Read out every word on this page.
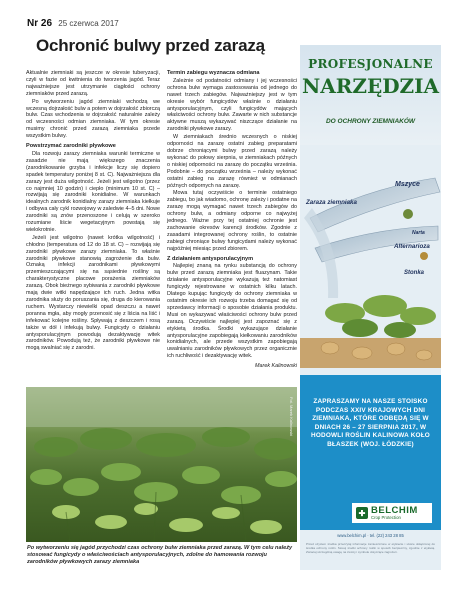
Nr 26 25 czerwca 2017
Ochronić bulwy przed zarazą

Aktualnie ziemniaki są jeszcze w okresie tuberyzacji, czyli w fazie od kwitnienia do tworzenia jagód. Teraz najważniejsze jest utrzymanie ciągłości ochrony ziemniaków przed zarazą.

Po wytworzeniu jagód ziemniaki wchodzą we wczesną dojrzałość bulw a potem w dojrzałość zbiorczą bulw. Czas wchodzenia w dojrzałość naturalnie zależy od wczesności odmian ziemniaka. W tym okresie musimy chronić przed zarazą ziemniaka przede wszystkim bulwy.

Powstrzymać zarodniki pływkowe

Dla rozwoju zarazy ziemniaka warunki termiczne w zasadzie nie mają większego znaczenia (zarodnikowanie grzyba i infekcje liczy się dopiero spadek temperatury poniżej 8 st. C). Najważniejsza dla zarazy jest duża wilgotność. Jeżeli jest wilgotno (przez co najmniej 10 godzin) i ciepło (minimum 10 st. C) – rozwijają się zarodniki konidialne. W warunkach idealnych zarodnik konidialny zarazy ziemniaka kiełkuje i odbywa cały cykl rozwojowy w zaledwie 4–5 dni. Nowe zarodniki są znów przenoszone i celują w szeroko rozumiane liście wegetacyjnym powstają się wielokrotnie.

Jeżeli jest wilgotno (nawet krótka wilgotność) i chłodno (temperatura od 12 do 18 st. C) – rozwijają się zarodniki pływkowe zarazy ziemniaka. To właśnie zarodniki pływkowe stanowią zagrożenie dla bulw. Oznaką infekcji zarodnikami pływkowymi przemieszczającymi się na sąsiednie rośliny są charakterystyczne placowe porażenia ziemniaków zarazą. Obok bieżnego sybiwania z zarodniki pływkowe mają dwie witki napędzające ich ruch. Jedna witka zarodnika służy do poruszania się, druga do kierowania ruchem. Wystarczy niewielki opad deszczu a nawet poranna mgła, aby mogły przenosić się z liścia na liść i infekować kolejne rośliny. Spływają z deszczem i rosą także w dół i infekują bulwy. Fungicydy o działaniu antysporulacyjnym powodują dezaktywację witek zarodników. Powodują też, że zarodniki pływkowe nie mogą swalniać się z zarodni.

Termin zabiegu wyznacza odmiana

Zależnie od podatności odmiany i jej wczesności ochrona bulw wymaga zastosowania od jednego do nawet trzech zabiegów. Najważniejszy jest w tym okresie wybór fungicydów właśnie o działaniu antysporulacyjnym, czyli fungicydów mających właściwości ochrony bulw. Zawarte w nich substancje aktywne muszą wykazywać niszczące działanie na zarodniki pływkowe zarazy.

W ziemniakach średnio wczesnych o niskiej odporności na zarazę ostatni zabieg preparatami dobrze chroniącymi bulwy przed zarazą należy wykonać do połowy sierpnia, w ziemniakach późnych o niskiej odporności na zarazę do początku września. Podobnie – do początku września – należy wykonać ostatni zabieg na zarazę również w odmianach późnych odpornych na zarazę.

Mowa tutaj oczywiście o terminie ostatniego zabiegu, bo jak wiadomo, ochronę zależy i podatne na zarazę mogą wymagać nawet trzech zabiegów do ochrony bulw, a odmiany odporne co najwyżej jednego. Ważne przy tej ostatniej ochronie jest zachowanie okresów karencji środków. Zgodnie z zasadami integrowanej ochrony roślin, to ostatnie zabiegi chroniące bulwy fungicydami należy wykonać najpóźniej miesiąc przed zbiorem.

Z działaniem antysporulacyjnym

Najlepiej znaną na rynku substancją do ochrony bulw przed zarazą ziemniaka jest fluazynam. Takie działanie antysporulacyjne wykazują też natomiast fungicydy rejestrowane w ostatnich kilku latach. Dlatego kupując fungicydy do ochrony ziemniaka w ostatnim okresie ich rozwoju trzeba domagać się od sprzedawcy informacji o sposobie działania produktu. Musi on wykazywać właściwości ochrony bulw przed zarazą. Oczywiście najlepiej jest zapoznać się z etykietą środka. Środki wykazujące działanie antysporulacyjne zapobiegają kiełkowaniu zarodników konidialnych, ale przede wszystkim zapobiegają uwalnianiu zarodników pływkowych przez organicznie ich ruchliwość i dezaktywację witek.

Marek Kalinowski

Fot. Marek Kalinowski
Po wytworzeniu się jagód przychodzi czas ochrony bulw ziemniaka przed zarazą. W tym celu należy stosować fungicydy o właściwościach antysporulacyjnych, zdolne do hamowania rozwoju zarodników pływkowych zarazy ziemniaka
PROFESJONALNE
NARZĘDZIA
DO OCHRONY ZIEMNIAKÓW
Mszyce
Zaraza ziemniaka
Alternarioza
Stonka
Narta
ZAPRASZAMY NA NASZE STOISKO PODCZAS XXIV KRAJOWYCH DNI ZIEMNIAKA, KTÓRE ODBĘDĄ SIĘ W DNIACH 26 – 27 SIERPNIA 2017, W HODOWLI ROŚLIN KALINOWA KOŁO BŁASZEK (WOJ. ŁÓDZKIE)
✚ BELCHIM
Crop Protection
www.belchim.pl · tel. (22) 243 28 85
Przed użyciem środka przeczytaj informacje zamieszczone w etykiecie i ulotce dołączonej do środka ochrony roślin. Stosuj środki ochrony roślin w sposób bezpieczny, zgodnie z etykietą. Zwracaj szczególną uwagę na zwroty i symbole dotyczące zagrożeń.
